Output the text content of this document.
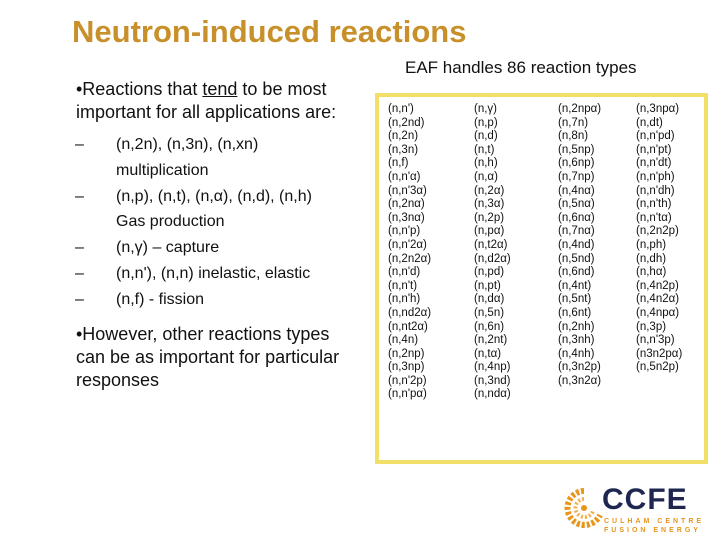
Neutron-induced reactions

•Reactions that tend to be most important for all applications are:

– (n,2n), (n,3n), (n,xn)
multiplication
– (n,p), (n,t), (n,α), (n,d), (n,h)
Gas production
– (n,γ) – capture
– (n,n'), (n,n) inelastic, elastic
– (n,f) - fission

•However, other reactions types can be as important for particular responses

EAF handles 86 reaction types
(n,n')
(n,2nd)
(n,2n)
(n,3n)
(n,f)
(n,n'α)
(n,n'3α)
(n,2nα)
(n,3nα)
(n,n'p)
(n,n'2α)
(n,2n2α)
(n,n'd)
(n,n't)
(n,n'h)
(n,nd2α)
(n,nt2α)
(n,4n)
(n,2np)
(n,3np)
(n,n'2p)
(n,n'pα)
(n,γ)
(n,p)
(n,d)
(n,t)
(n,h)
(n,α)
(n,2α)
(n,3α)
(n,2p)
(n,pα)
(n,t2α)
(n,d2α)
(n,pd)
(n,pt)
(n,dα)
(n,5n)
(n,6n)
(n,2nt)
(n,tα)
(n,4np)
(n,3nd)
(n,ndα)
(n,2npα)
(n,7n)
(n,8n)
(n,5np)
(n,6np)
(n,7np)
(n,4nα)
(n,5nα)
(n,6nα)
(n,7nα)
(n,4nd)
(n,5nd)
(n,6nd)
(n,4nt)
(n,5nt)
(n,6nt)
(n,2nh)
(n,3nh)
(n,4nh)
(n,3n2p)
(n,3n2α)
(n,3npα)
(n,dt)
(n,n'pd)
(n,n'pt)
(n,n'dt)
(n,n'ph)
(n,n'dh)
(n,n'th)
(n,n'tα)
(n,2n2p)
(n,ph)
(n,dh)
(n,hα)
(n,4n2p)
(n,4n2α)
(n,4npα)
(n,3p)
(n,n'3p)
(n3n2pα)
(n,5n2p)
CCFE
CULHAM CENTRE
FUSION ENERGY
